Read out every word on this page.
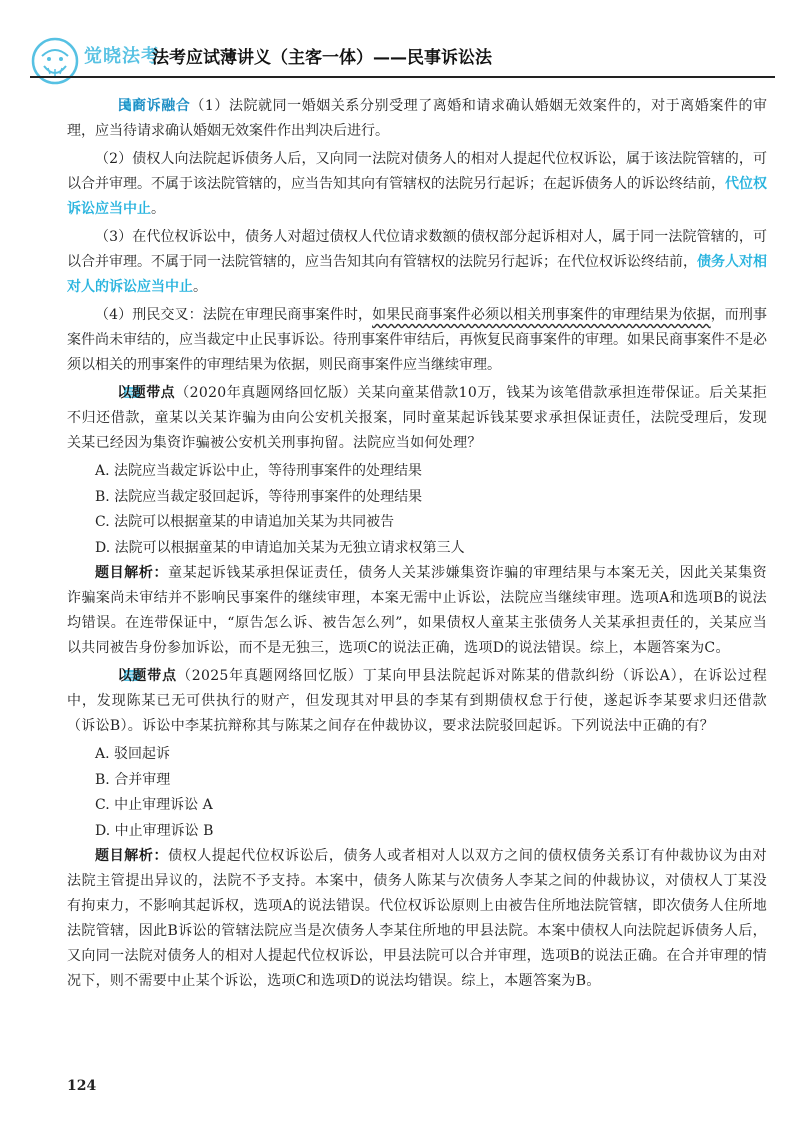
觉晓法考
法考应试薄讲义（主客一体）——民事诉讼法

民商诉融合（1）法院就同一婚姻关系分别受理了离婚和请求确认婚姻无效案件的，对于离婚案件的审理，应当待请求确认婚姻无效案件作出判决后进行。

（2）债权人向法院起诉债务人后，又向同一法院对债务人的相对人提起代位权诉讼，属于该法院管辖的，可以合并审理。不属于该法院管辖的，应当告知其向有管辖权的法院另行起诉；在起诉债务人的诉讼终结前，代位权诉讼应当中止。

（3）在代位权诉讼中，债务人对超过债权人代位请求数额的债权部分起诉相对人，属于同一法院管辖的，可以合并审理。不属于同一法院管辖的，应当告知其向有管辖权的法院另行起诉；在代位权诉讼终结前，债务人对相对人的诉讼应当中止。

（4）刑民交叉：法院在审理民商事案件时，如果民商事案件必须以相关刑事案件的审理结果为依据，而刑事案件尚未审结的，应当裁定中止民事诉讼。待刑事案件审结后，再恢复民商事案件的审理。如果民商事案件不是必须以相关的刑事案件的审理结果为依据，则民商事案件应当继续审理。

以题带点（2020年真题网络回忆版）关某向童某借款10万，钱某为该笔借款承担连带保证。后关某拒不归还借款，童某以关某诈骗为由向公安机关报案，同时童某起诉钱某要求承担保证责任，法院受理后，发现关某已经因为集资诈骗被公安机关刑事拘留。法院应当如何处理？

A. 法院应当裁定诉讼中止，等待刑事案件的处理结果

B. 法院应当裁定驳回起诉，等待刑事案件的处理结果

C. 法院可以根据童某的申请追加关某为共同被告

D. 法院可以根据童某的申请追加关某为无独立请求权第三人

题目解析：童某起诉钱某承担保证责任，债务人关某涉嫌集资诈骗的审理结果与本案无关，因此关某集资诈骗案尚未审结并不影响民事案件的继续审理，本案无需中止诉讼，法院应当继续审理。选项A和选项B的说法均错误。在连带保证中，“原告怎么诉、被告怎么列”，如果债权人童某主张债务人关某承担责任的，关某应当以共同被告身份参加诉讼，而不是无独三，选项C的说法正确，选项D的说法错误。综上，本题答案为C。

以题带点（2025年真题网络回忆版）丁某向甲县法院起诉对陈某的借款纠纷（诉讼A），在诉讼过程中，发现陈某已无可供执行的财产，但发现其对甲县的李某有到期债权怠于行使，遂起诉李某要求归还借款（诉讼B）。诉讼中李某抗辩称其与陈某之间存在仲裁协议，要求法院驳回起诉。下列说法中正确的有？

A. 驳回起诉

B. 合并审理

C. 中止审理诉讼 A

D. 中止审理诉讼 B

题目解析：债权人提起代位权诉讼后，债务人或者相对人以双方之间的债权债务关系订有仲裁协议为由对法院主管提出异议的，法院不予支持。本案中，债务人陈某与次债务人李某之间的仲裁协议，对债权人丁某没有拘束力，不影响其起诉权，选项A的说法错误。代位权诉讼原则上由被告住所地法院管辖，即次债务人住所地法院管辖，因此B诉讼的管辖法院应当是次债务人李某住所地的甲县法院。本案中债权人向法院起诉债务人后，又向同一法院对债务人的相对人提起代位权诉讼，甲县法院可以合并审理，选项B的说法正确。在合并审理的情况下，则不需要中止某个诉讼，选项C和选项D的说法均错误。综上，本题答案为B。

124
